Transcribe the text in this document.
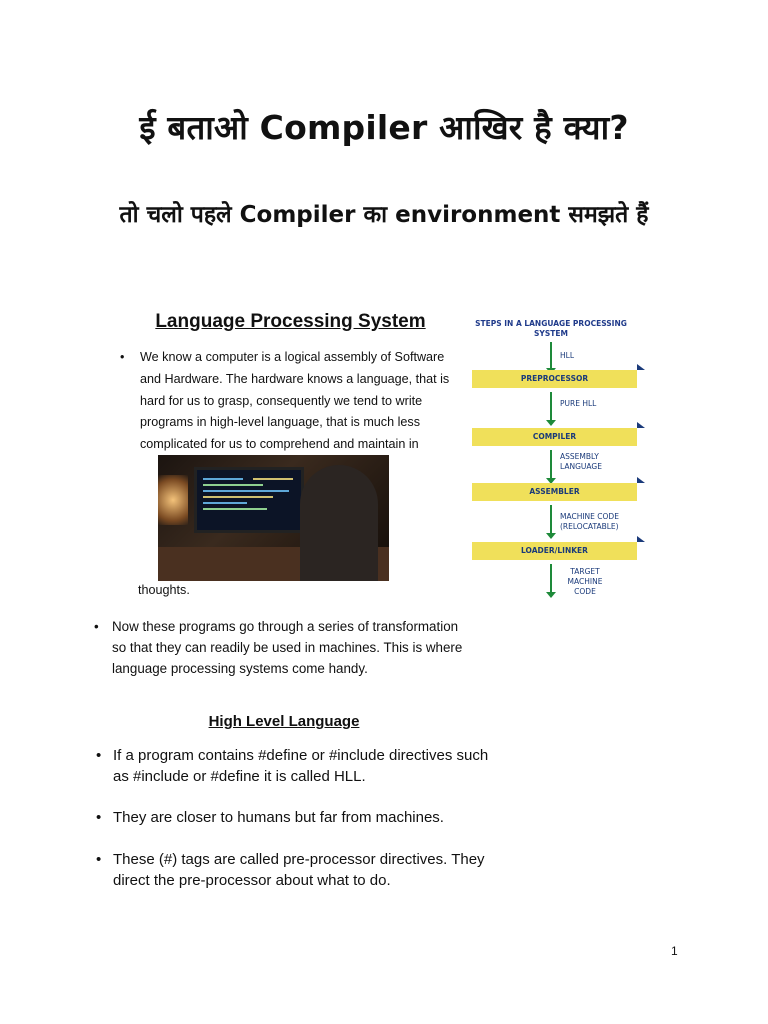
ई बताओ Compiler आखिर है क्या?
तो चलो पहले Compiler का environment समझते हैं
Language Processing System
• We know a computer is a logical assembly of Software and Hardware. The hardware knows a language, that is hard for us to grasp, consequently we tend to write programs in high-level language, that is much less complicated for us to comprehend and maintain in
thoughts.
STEPS IN A LANGUAGE PROCESSING SYSTEM
HLL
PREPROCESSOR
PURE HLL
COMPILER
ASSEMBLY LANGUAGE
ASSEMBLER
MACHINE CODE (RELOCATABLE)
LOADER/LINKER
TARGET MACHINE CODE
• Now these programs go through a series of transformation so that they can readily be used in machines. This is where language processing systems come handy.
High Level Language
• If a program contains #define or #include directives such as #include or #define it is called HLL.
• They are closer to humans but far from machines.
• These (#) tags are called pre-processor directives. They direct the pre-processor about what to do.
1
